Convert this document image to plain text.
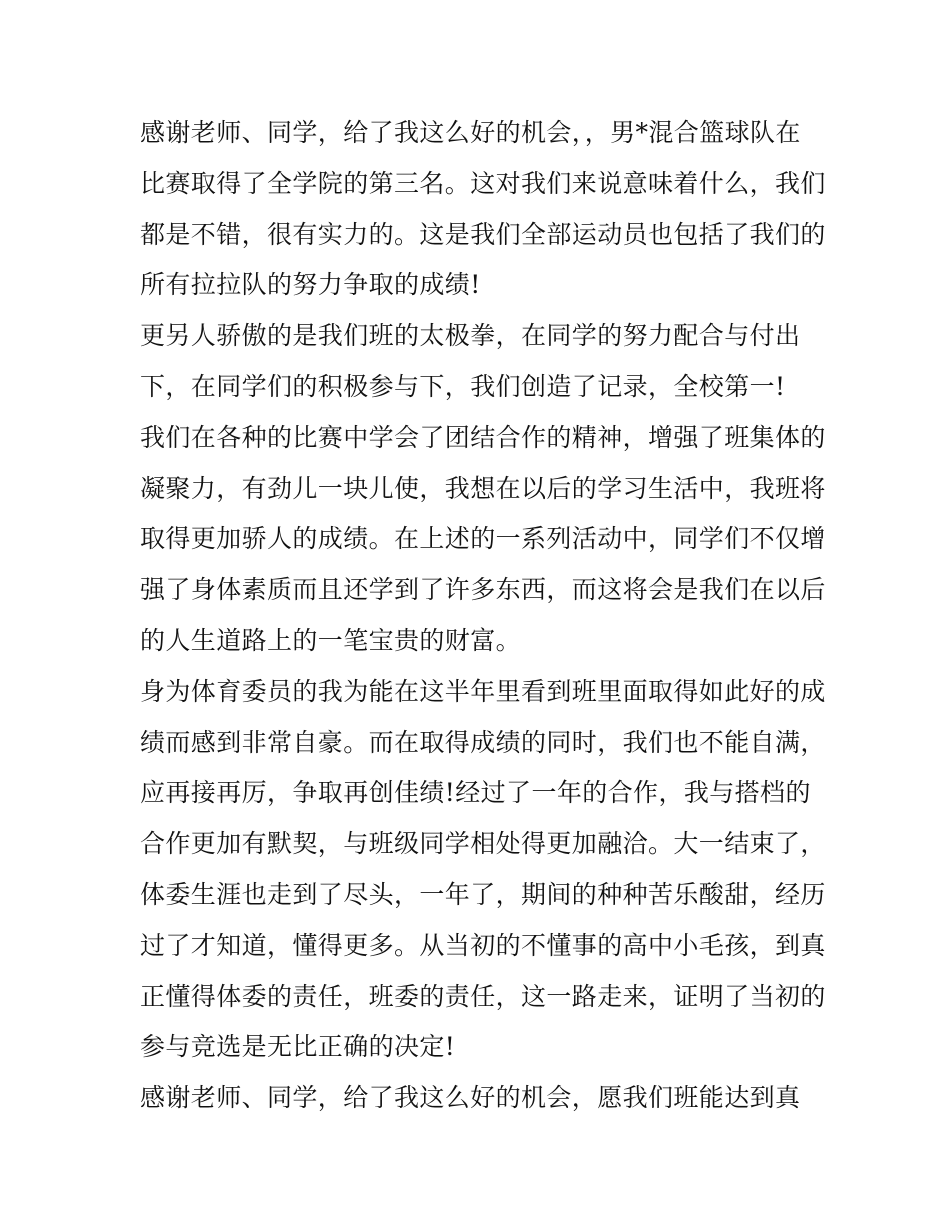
感谢老师、同学，给了我这么好的机会，，男*混合篮球队在
比赛取得了全学院的第三名。这对我们来说意味着什么，我们
都是不错，很有实力的。这是我们全部运动员也包括了我们的
所有拉拉队的努力争取的成绩!
更另人骄傲的是我们班的太极拳，在同学的努力配合与付出
下，在同学们的积极参与下，我们创造了记录，全校第一!
我们在各种的比赛中学会了团结合作的精神，增强了班集体的
凝聚力，有劲儿一块儿使，我想在以后的学习生活中，我班将
取得更加骄人的成绩。在上述的一系列活动中，同学们不仅增
强了身体素质而且还学到了许多东西，而这将会是我们在以后
的人生道路上的一笔宝贵的财富。
身为体育委员的我为能在这半年里看到班里面取得如此好的成
绩而感到非常自豪。而在取得成绩的同时，我们也不能自满，
应再接再厉，争取再创佳绩!经过了一年的合作，我与搭档的
合作更加有默契，与班级同学相处得更加融洽。大一结束了，
体委生涯也走到了尽头，一年了，期间的种种苦乐酸甜，经历
过了才知道，懂得更多。从当初的不懂事的高中小毛孩，到真
正懂得体委的责任，班委的责任，这一路走来，证明了当初的
参与竞选是无比正确的决定!
感谢老师、同学，给了我这么好的机会，愿我们班能达到真
